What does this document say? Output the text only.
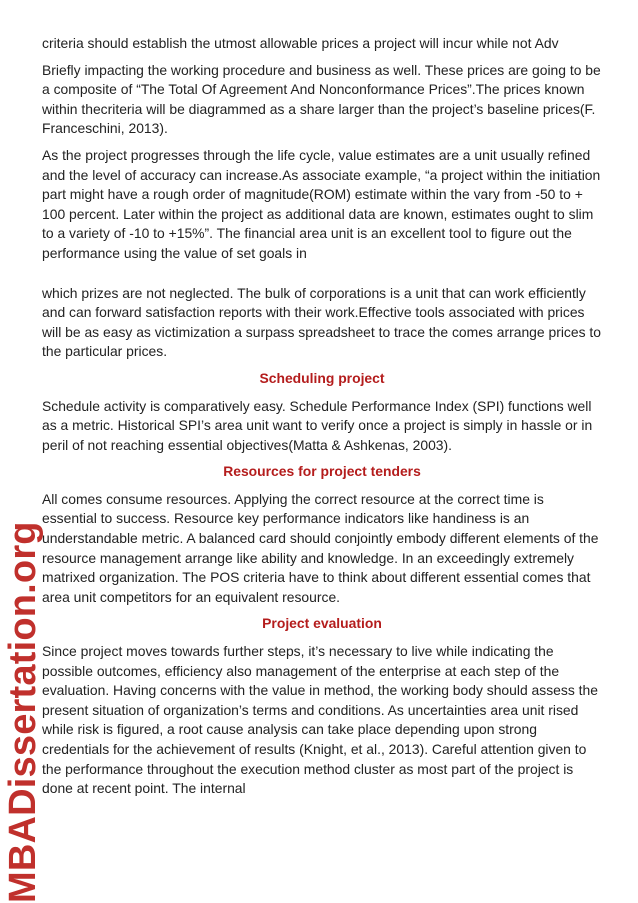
MBADissertation.org

criteria should establish the utmost allowable prices a project will incur while not Adv

Briefly impacting the working procedure and business as well. These prices are going to be a composite of “The Total Of Agreement And Nonconformance Prices”.The prices known within thecriteria will be diagrammed as a share larger than the project’s baseline prices(F. Franceschini, 2013).

As the project progresses through the life cycle, value estimates are a unit usually refined and the level of accuracy can increase.As associate example, “a project within the initiation part might have a rough order of magnitude(ROM) estimate within the vary from -50 to + 100 percent. Later within the project as additional data are known, estimates ought to slim to a variety of -10 to +15%”. The financial area unit is an excellent tool to figure out the performance using the value of set goals in

which prizes are not neglected. The bulk of corporations is a unit that can work efficiently and can forward satisfaction reports with their work.Effective tools associated with prices will be as easy as victimization a surpass spreadsheet to trace the comes arrange prices to the particular prices.

Scheduling project

Schedule activity is comparatively easy. Schedule Performance Index (SPI) functions well as a metric. Historical SPI’s area unit want to verify once a project is simply in hassle or in peril of not reaching essential objectives(Matta & Ashkenas, 2003).

Resources for project tenders

All comes consume resources. Applying the correct resource at the correct time is essential to success. Resource key performance indicators like handiness is an understandable metric. A balanced card should conjointly embody different elements of the resource management arrange like ability and knowledge. In an exceedingly extremely matrixed organization. The POS criteria have to think about different essential comes that area unit competitors for an equivalent resource.

Project evaluation

Since project moves towards further steps, it’s necessary to live while indicating the possible outcomes, efficiency also management of the enterprise at each step of the evaluation. Having concerns with the value in method, the working body should assess the present situation of organization’s terms and conditions. As uncertainties area unit rised while risk is figured, a root cause analysis can take place depending upon strong credentials for the achievement of results (Knight, et al., 2013). Careful attention given to the performance throughout the execution method cluster as most part of the project is done at recent point. The internal
